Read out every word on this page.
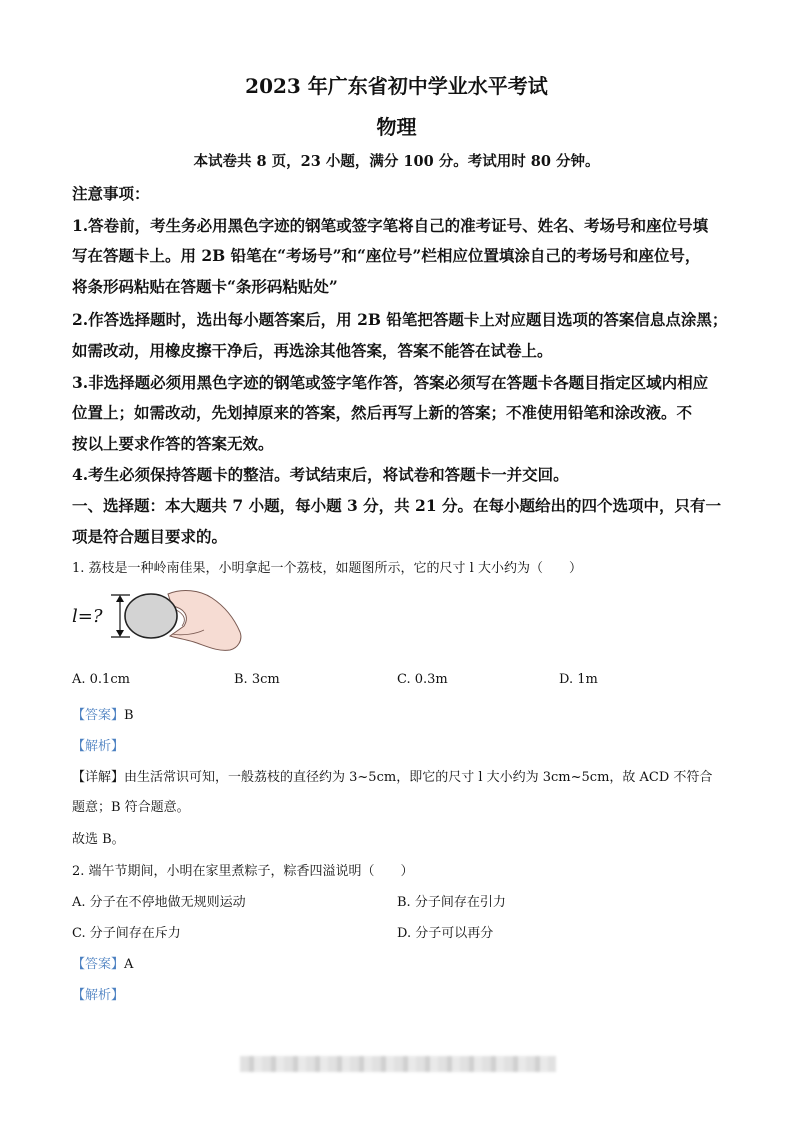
2023 年广东省初中学业水平考试
物理
本试卷共 8 页，23 小题，满分 100 分。考试用时 80 分钟。
注意事项：
1.答卷前，考生务必用黑色字迹的钢笔或签字笔将自己的准考证号、姓名、考场号和座位号填
写在答题卡上。用 2B 铅笔在“考场号”和“座位号”栏相应位置填涂自己的考场号和座位号，
将条形码粘贴在答题卡“条形码粘贴处”
2.作答选择题时，选出每小题答案后，用 2B 铅笔把答题卡上对应题目选项的答案信息点涂黑；
如需改动，用橡皮擦干净后，再选涂其他答案，答案不能答在试卷上。
3.非选择题必须用黑色字迹的钢笔或签字笔作答，答案必须写在答题卡各题目指定区域内相应
位置上；如需改动，先划掉原来的答案，然后再写上新的答案；不准使用铅笔和涂改液。不
按以上要求作答的答案无效。
4.考生必须保持答题卡的整洁。考试结束后，将试卷和答题卡一并交回。
一、选择题：本大题共 7 小题，每小题 3 分，共 21 分。在每小题给出的四个选项中，只有一
项是符合题目要求的。
1. 荔枝是一种岭南佳果，小明拿起一个荔枝，如题图所示，它的尺寸 l 大小约为（　　）
l=?
A. 0.1cm	B. 3cm	C. 0.3m	D. 1m
【答案】B
【解析】
【详解】由生活常识可知，一般荔枝的直径约为 3~5cm，即它的尺寸 l 大小约为 3cm~5cm，故 ACD 不符合
题意；B 符合题意。
故选 B。
2. 端午节期间，小明在家里煮粽子，粽香四溢说明（　　）
A. 分子在不停地做无规则运动	B. 分子间存在引力
C. 分子间存在斥力	D. 分子可以再分
【答案】A
【解析】
